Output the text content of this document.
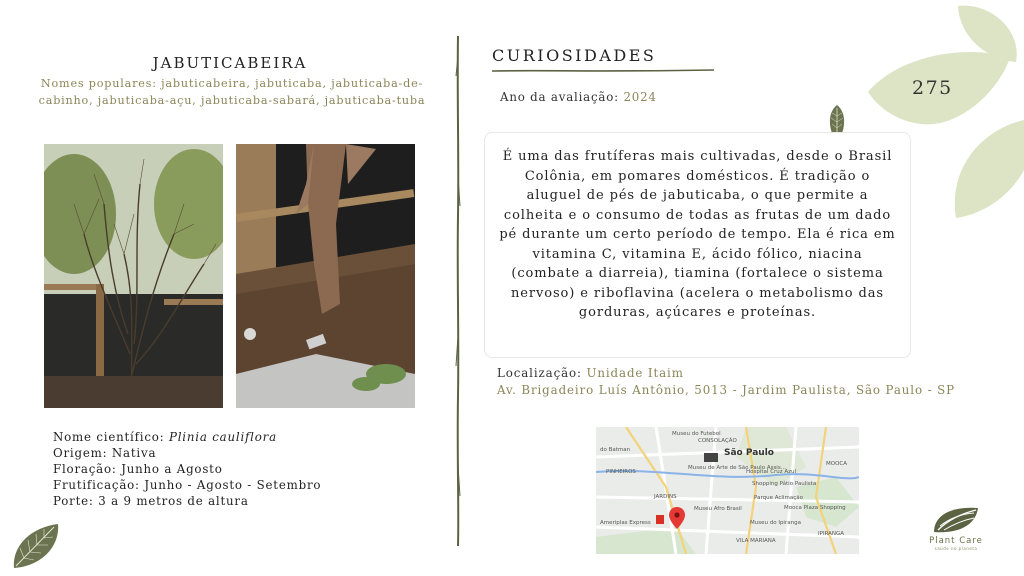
JABUTICABEIRA
Nomes populares: jabuticabeira, jabuticaba, jabuticaba-de-cabinho, jabuticaba-açu, jabuticaba-sabará, jabuticaba-tuba
Nome científico: Plinia cauliflora
Origem: Nativa
Floração: Junho a Agosto
Frutificação: Junho - Agosto - Setembro
Porte: 3 a 9 metros de altura
CURIOSIDADES
Ano da avaliação: 2024	275
É uma das frutíferas mais cultivadas, desde o Brasil Colônia, em pomares domésticos. É tradição o aluguel de pés de jabuticaba, o que permite a colheita e o consumo de todas as frutas de um dado pé durante um certo período de tempo. Ela é rica em vitamina C, vitamina E, ácido fólico, niacina (combate a diarreia), tiamina (fortalece o sistema nervoso) e riboflavina (acelera o metabolismo das gorduras, açúcares e proteínas.
Localização: Unidade Itaim
Av. Brigadeiro Luís Antônio, 5013 - Jardim Paulista, São Paulo - SP
Museu do Futebol
CONSOLAÇÃO
MOOCA
PINHEIROS
Museu de Arte de São Paulo Assis...
Hospital Cruz Azul
Shopping Pátio Paulista
JARDINS	Parque Aclimação
Museu Afro Brasil	Mooca Plaza Shopping
Ameriplas Express	Museu do Ipiranga
VILA MARIANA
IPIRANGA
do Batman	São Paulo
Plant Care
saúde no planeta
